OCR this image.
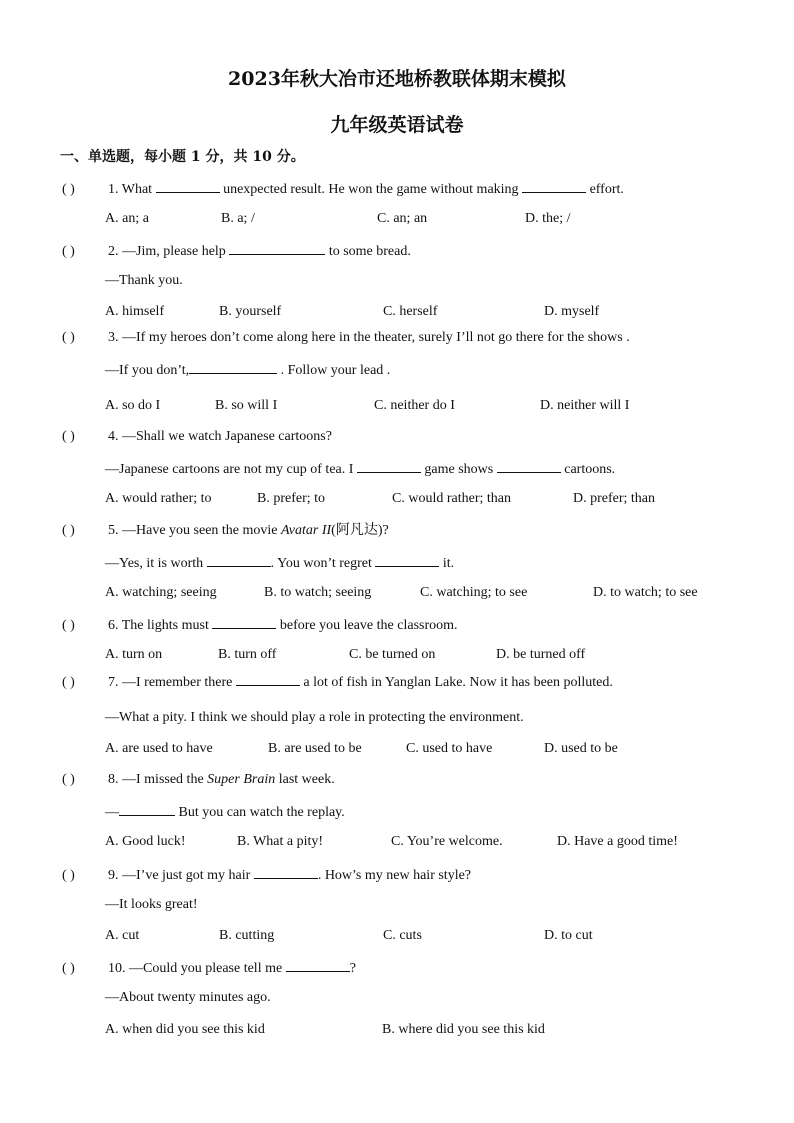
2023年秋大冶市还地桥教联体期末模拟
九年级英语试卷
一、单选题，每小题 1 分，共 10 分。
( ) 1. What	unexpected result. He won the game without making	effort.
A. an; a	B. a; /	C. an; an	D. the; /
( ) 2. —Jim, please help	to some bread.
—Thank you.
A. himself	B. yourself	C. herself	D. myself
( ) 3. —If my heroes don’t come along here in the theater, surely I’ll not go there for the shows .
—If you don’t,	. Follow your lead .
A. so do I	B. so will I	C. neither do I	D. neither will I
( ) 4. —Shall we watch Japanese cartoons?
—Japanese cartoons are not my cup of tea. I	game shows	cartoons.
A. would rather; to	B. prefer; to	C. would rather; than	D. prefer; than
( ) 5. —Have you seen the movie Avatar II(阿凡达)?
—Yes, it is worth	. You won’t regret	it.
A. watching; seeing	B. to watch; seeing	C. watching; to see	D. to watch; to see
( ) 6. The lights must	before you leave the classroom.
A. turn on	B. turn off	C. be turned on	D. be turned off
( ) 7. —I remember there	a lot of fish in Yanglan Lake. Now it has been polluted.
—What a pity. I think we should play a role in protecting the environment.
A. are used to have	B. are used to be	C. used to have	D. used to be
( ) 8. —I missed the Super Brain last week.
—	But you can watch the replay.
A. Good luck!	B. What a pity!	C. You’re welcome.	D. Have a good time!
( ) 9. —I’ve just got my hair	. How’s my new hair style?
—It looks great!
A. cut	B. cutting	C. cuts	D. to cut
( ) 10. —Could you please tell me	?
—About twenty minutes ago.
A. when did you see this kid	B. where did you see this kid
